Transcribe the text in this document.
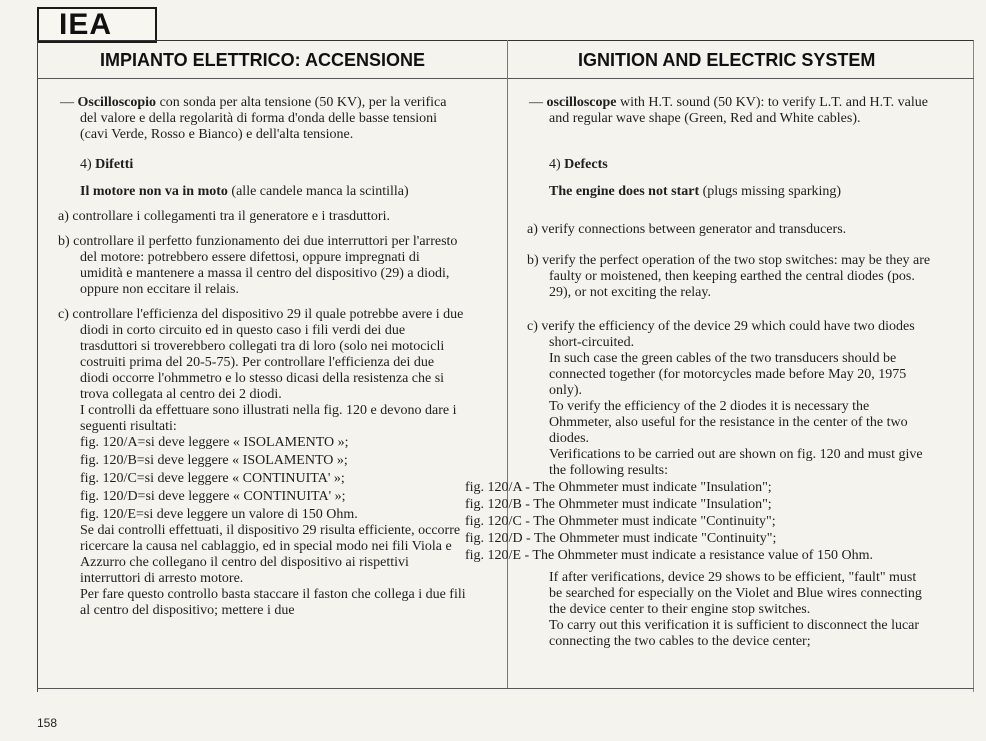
IEA
IMPIANTO ELETTRICO: ACCENSIONE	IGNITION AND ELECTRIC SYSTEM

— Oscilloscopio con sonda per alta tensione (50 KV), per la verifica del valore e della regolarità di forma d'onda delle basse tensioni (cavi Verde, Rosso e Bianco) e dell'alta tensione.

4) Difetti

Il motore non va in moto (alle candele manca la scintilla)

a) controllare i collegamenti tra il generatore e i trasduttori.

b) controllare il perfetto funzionamento dei due interruttori per l'arresto del motore: potrebbero essere difettosi, oppure impregnati di umidità e mantenere a massa il centro del dispositivo (29) a diodi, oppure non eccitare il relais.

c) controllare l'efficienza del dispositivo 29 il quale potrebbe avere i due diodi in corto circuito ed in questo caso i fili verdi dei due trasduttori si troverebbero collegati tra di loro (solo nei motocicli costruiti prima del 20-5-75). Per controllare l'efficienza dei due diodi occorre l'ohmmetro e lo stesso dicasi della resistenza che si trova collegata al centro dei 2 diodi.

I controlli da effettuare sono illustrati nella fig. 120 e devono dare i seguenti risultati:

fig. 120/A=si deve leggere « ISOLAMENTO »;

fig. 120/B=si deve leggere « ISOLAMENTO »;

fig. 120/C=si deve leggere « CONTINUITA' »;

fig. 120/D=si deve leggere « CONTINUITA' »;

fig. 120/E=si deve leggere un valore di 150 Ohm.

Se dai controlli effettuati, il dispositivo 29 risulta efficiente, occorre ricercare la causa nel cablaggio, ed in special modo nei fili Viola e Azzurro che collegano il centro del dispositivo ai rispettivi interruttori di arresto motore.

Per fare questo controllo basta staccare il faston che collega i due fili al centro del dispositivo; mettere i due

— oscilloscope with H.T. sound (50 KV): to verify L.T. and H.T. value and regular wave shape (Green, Red and White cables).

4) Defects

The engine does not start (plugs missing sparking)

a) verify connections between generator and transducers.

b) verify the perfect operation of the two stop switches: may be they are faulty or moistened, then keeping earthed the central diodes (pos. 29), or not exciting the relay.

c) verify the efficiency of the device 29 which could have two diodes short-circuited.

In such case the green cables of the two transducers should be connected together (for motorcycles made before May 20, 1975 only).

To verify the efficiency of the 2 diodes it is necessary the Ohmmeter, also useful for the resistance in the center of the two diodes.

Verifications to be carried out are shown on fig. 120 and must give the following results:

fig. 120/A - The Ohmmeter must indicate "Insulation";

fig. 120/B - The Ohmmeter must indicate "Insulation";

fig. 120/C - The Ohmmeter must indicate "Continuity";

fig. 120/D - The Ohmmeter must indicate "Continuity";

fig. 120/E - The Ohmmeter must indicate a resistance value of 150 Ohm.

If after verifications, device 29 shows to be efficient, "fault" must be searched for especially on the Violet and Blue wires connecting the device center to their engine stop switches.

To carry out this verification it is sufficient to disconnect the lucar connecting the two cables to the device center;

158
